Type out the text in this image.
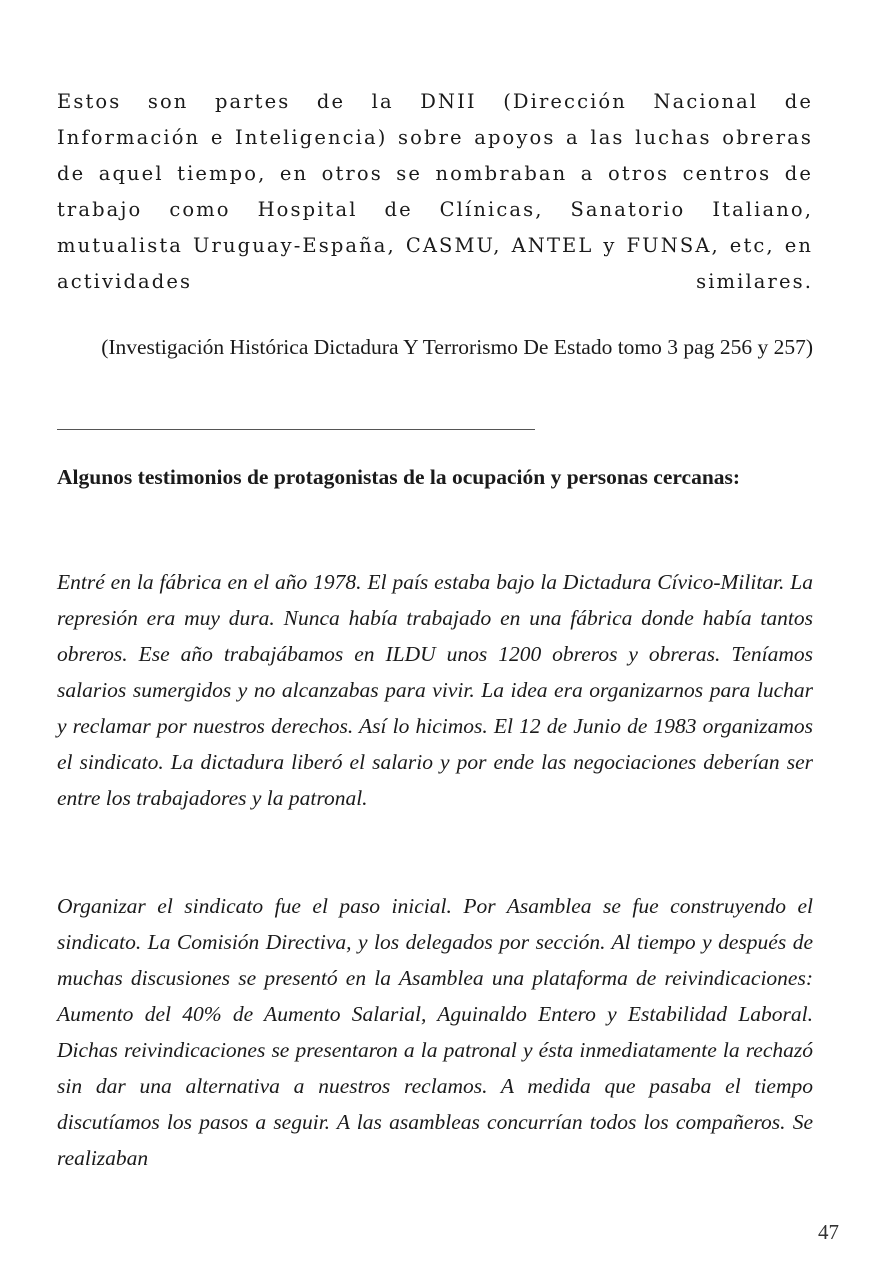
Estos son partes de la DNII (Dirección Nacional de Información e Inteligencia) sobre apoyos a las luchas obreras de aquel tiempo, en otros se nombraban a otros centros de trabajo como Hospital de Clínicas, Sanatorio Italiano, mutualista Uruguay-España, CASMU, ANTEL y FUNSA, etc, en actividades similares.

(Investigación Histórica Dictadura Y Terrorismo De Estado tomo 3 pag 256 y 257)

Algunos testimonios de protagonistas de la ocupación y personas cercanas:

Entré en la fábrica en el año 1978. El país estaba bajo la Dictadura Cívico-Militar. La represión era muy dura. Nunca había trabajado en una fábrica donde había tantos obreros. Ese año trabajábamos en ILDU unos 1200 obreros y obreras. Teníamos salarios sumergidos y no alcanzabas para vivir. La idea era organizarnos para luchar y reclamar por nuestros derechos. Así lo hicimos. El 12 de Junio de 1983 organizamos el sindicato. La dictadura liberó el salario y por ende las negociaciones deberían ser entre los trabajadores y la patronal.

Organizar el sindicato fue el paso inicial. Por Asamblea se fue construyendo el sindicato. La Comisión Directiva, y los delegados por sección. Al tiempo y después de muchas discusiones se presentó en la Asamblea una plataforma de reivindicaciones: Aumento del 40% de Aumento Salarial, Aguinaldo Entero y Estabilidad Laboral. Dichas reivindicaciones se presentaron a la patronal y ésta inmediatamente la rechazó sin dar una alternativa a nuestros reclamos. A medida que pasaba el tiempo discutíamos los pasos a seguir. A las asambleas concurrían todos los compañeros. Se realizaban

47
